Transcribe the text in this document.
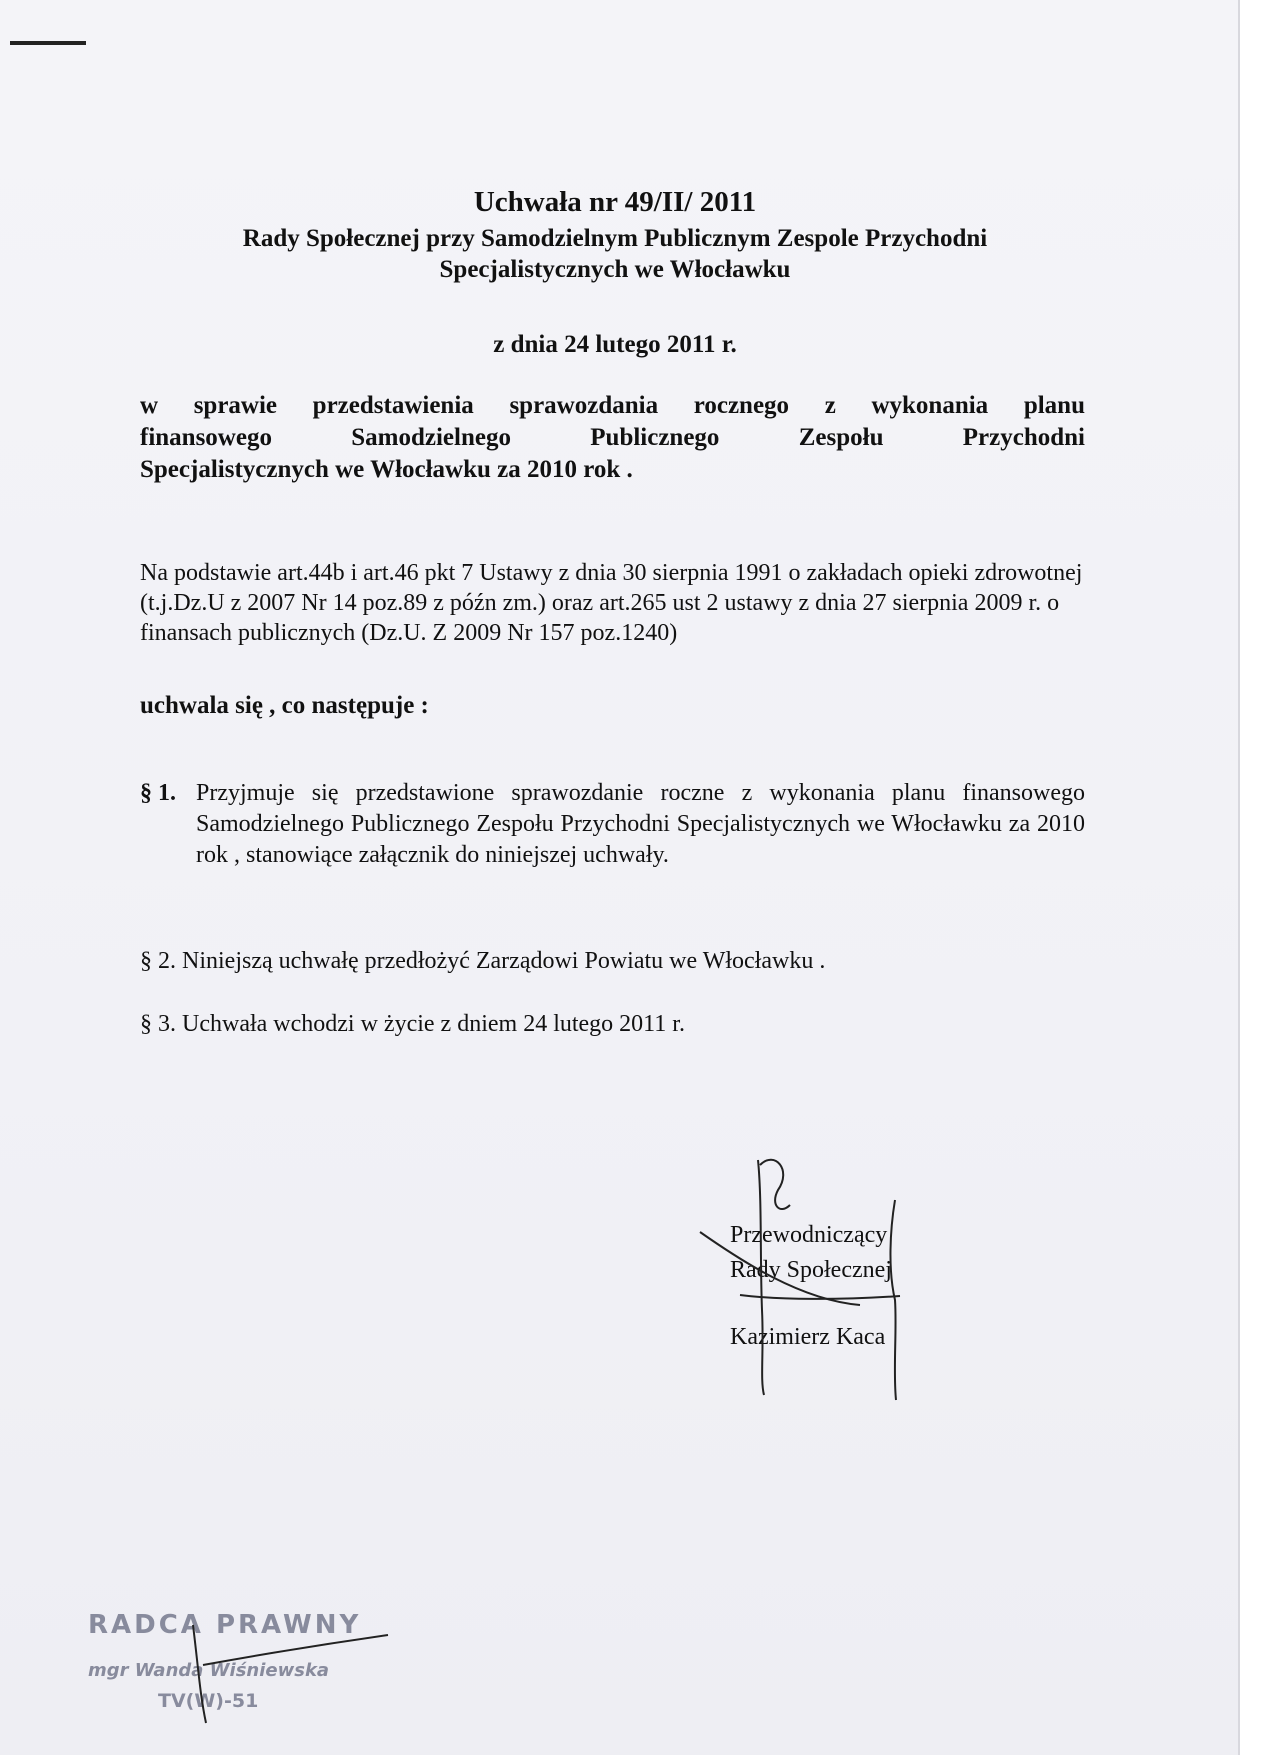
Uchwała nr 49/II/ 2011
Rady Społecznej przy Samodzielnym Publicznym Zespole Przychodni
Specjalistycznych we Włocławku
z dnia 24 lutego 2011 r.
w sprawie przedstawienia sprawozdania rocznego z wykonania planu
finansowego Samodzielnego Publicznego Zespołu Przychodni
Specjalistycznych we Włocławku za 2010 rok .

Na podstawie art.44b i art.46 pkt 7 Ustawy z dnia 30 sierpnia 1991 o zakładach opieki zdrowotnej (t.j.Dz.U z 2007 Nr 14 poz.89 z późn zm.) oraz art.265 ust 2 ustawy z dnia 27 sierpnia 2009 r. o finansach publicznych (Dz.U. Z 2009 Nr 157 poz.1240)

uchwala się , co następuje :
§ 1. Przyjmuje się przedstawione sprawozdanie roczne z wykonania planu finansowego Samodzielnego Publicznego Zespołu Przychodni Specjalistycznych we Włocławku za 2010 rok , stanowiące załącznik do niniejszej uchwały.
§ 2. Niniejszą uchwałę przedłożyć Zarządowi Powiatu we Włocławku .
§ 3. Uchwała wchodzi w życie z dniem 24 lutego 2011 r.
Przewodniczący
Rady Społecznej
Kazimierz Kaca
RADCA PRAWNY
mgr Wanda Wiśniewska
TV(W)-51
